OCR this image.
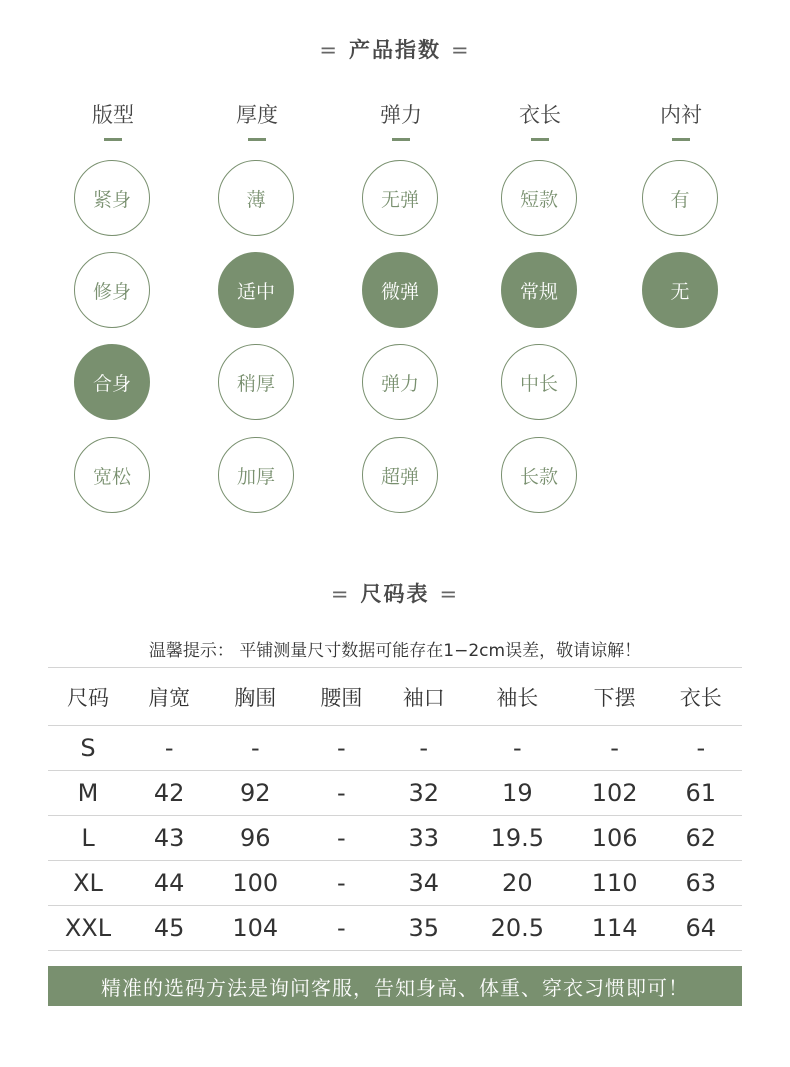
= 产品指数 =
版型
紧身
修身
合身
宽松
厚度
薄
适中
稍厚
加厚
弹力
无弹
微弹
弹力
超弹
衣长
短款
常规
中长
长款
内衬
有
无
= 尺码表 =
温馨提示： 平铺测量尺寸数据可能存在1−2cm误差，敬请谅解！
尺码	肩宽	胸围	腰围	袖口	袖长	下摆	衣长
S	-	-	-	-	-	-	-
M	42	92	-	32	19	102	61
L	43	96	-	33	19.5	106	62
XL	44	100	-	34	20	110	63
XXL	45	104	-	35	20.5	114	64
精准的选码方法是询问客服，告知身高、体重、穿衣习惯即可！
